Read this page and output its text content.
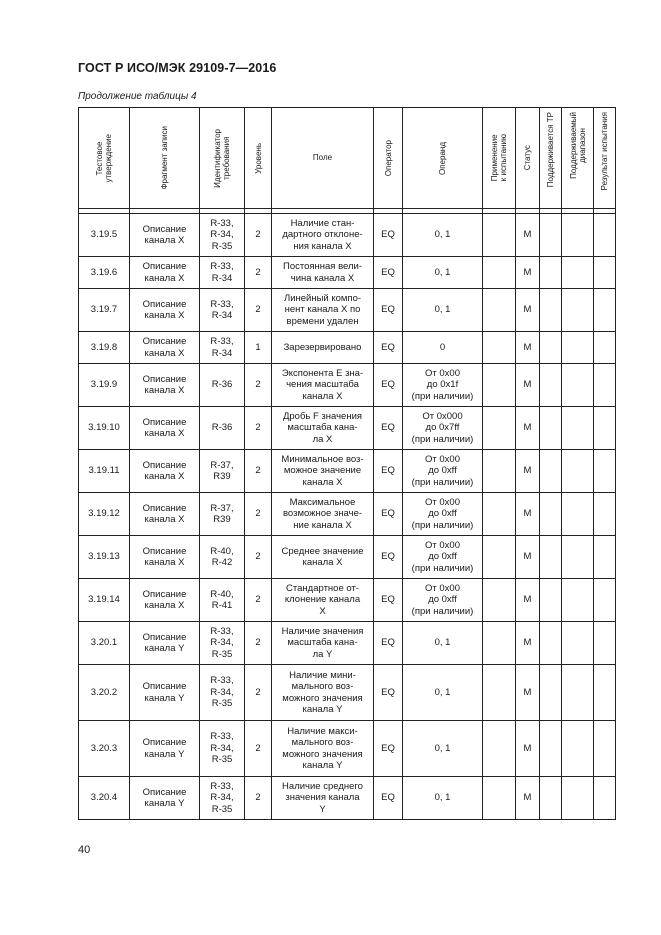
ГОСТ Р ИСО/МЭК 29109-7—2016
Продолжение таблицы 4
Тестовое
утверждение	Фрагмент записи	Идентификатор
требования	Уровень	Поле	Оператор	Операнд	Применение
к испытанию	Статус	Поддерживается TP	Поддерживаемый
диапазон	Результат испытания

3.19.5	Описание
канала X	R-33,
R-34,
R-35	2	Наличие стан-
дартного отклоне-
ния канала X	EQ	0, 1		M			
3.19.6	Описание
канала X	R-33,
R-34	2	Постоянная вели-
чина канала X	EQ	0, 1		M			
3.19.7	Описание
канала X	R-33,
R-34	2	Линейный компо-
нент канала X по
времени удален	EQ	0, 1		M			
3.19.8	Описание
канала X	R-33,
R-34	1	Зарезервировано	EQ	0		M			
3.19.9	Описание
канала X	R-36	2	Экспонента E зна-
чения масштаба
канала X	EQ	От 0x00
до 0x1f
(при наличии)		M			
3.19.10	Описание
канала X	R-36	2	Дробь F значения
масштаба кана-
ла X	EQ	От 0x000
до 0x7ff
(при наличии)		M			
3.19.11	Описание
канала X	R-37,
R39	2	Минимальное воз-
можное значение
канала X	EQ	От 0x00
до 0xff
(при наличии)		M			
3.19.12	Описание
канала X	R-37,
R39	2	Максимальное
возможное значе-
ние канала X	EQ	От 0x00
до 0xff
(при наличии)		M			
3.19.13	Описание
канала X	R-40,
R-42	2	Среднее значение
канала X	EQ	От 0x00
до 0xff
(при наличии)		M			
3.19.14	Описание
канала X	R-40,
R-41	2	Стандартное от-
клонение канала
X	EQ	От 0x00
до 0xff
(при наличии)		M			
3.20.1	Описание
канала Y	R-33,
R-34,
R-35	2	Наличие значения
масштаба кана-
ла Y	EQ	0, 1		M			
3.20.2	Описание
канала Y	R-33,
R-34,
R-35	2	Наличие мини-
мального воз-
можного значения
канала Y	EQ	0, 1		M			
3.20.3	Описание
канала Y	R-33,
R-34,
R-35	2	Наличие макси-
мального воз-
можного значения
канала Y	EQ	0, 1		M			
3.20.4	Описание
канала Y	R-33,
R-34,
R-35	2	Наличие среднего
значения канала
Y	EQ	0, 1		M			
40
